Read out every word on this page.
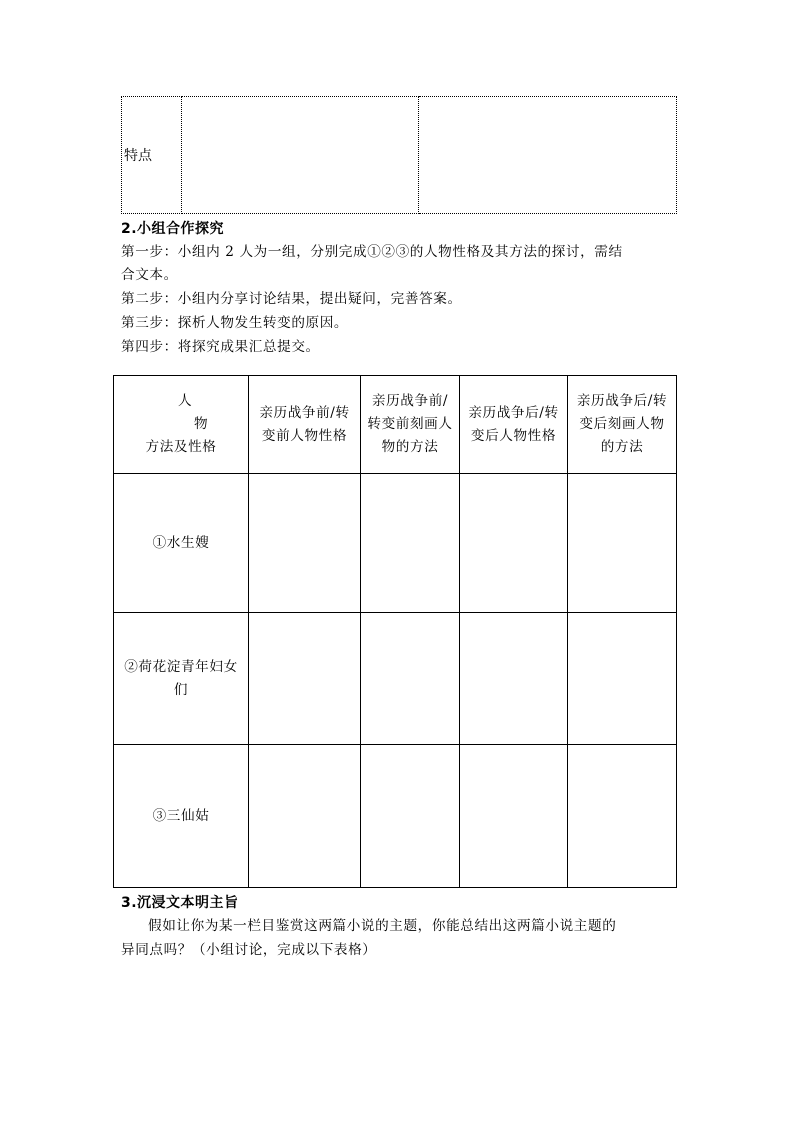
特点		
2.小组合作探究
第一步：小组内 2 人为一组，分别完成①②③的人物性格及其方法的探讨，需结
合文本。
第二步：小组内分享讨论结果，提出疑问，完善答案。
第三步：探析人物发生转变的原因。
第四步：将探究成果汇总提交。
人
物
方法及性格	亲历战争前/转变前人物性格	亲历战争前/转变前刻画人物的方法	亲历战争后/转变后人物性格	亲历战争后/转变后刻画人物的方法
①水生嫂				
②荷花淀青年妇女们				
③三仙姑				
3.沉浸文本明主旨
假如让你为某一栏目鉴赏这两篇小说的主题，你能总结出这两篇小说主题的
异同点吗？（小组讨论，完成以下表格）
